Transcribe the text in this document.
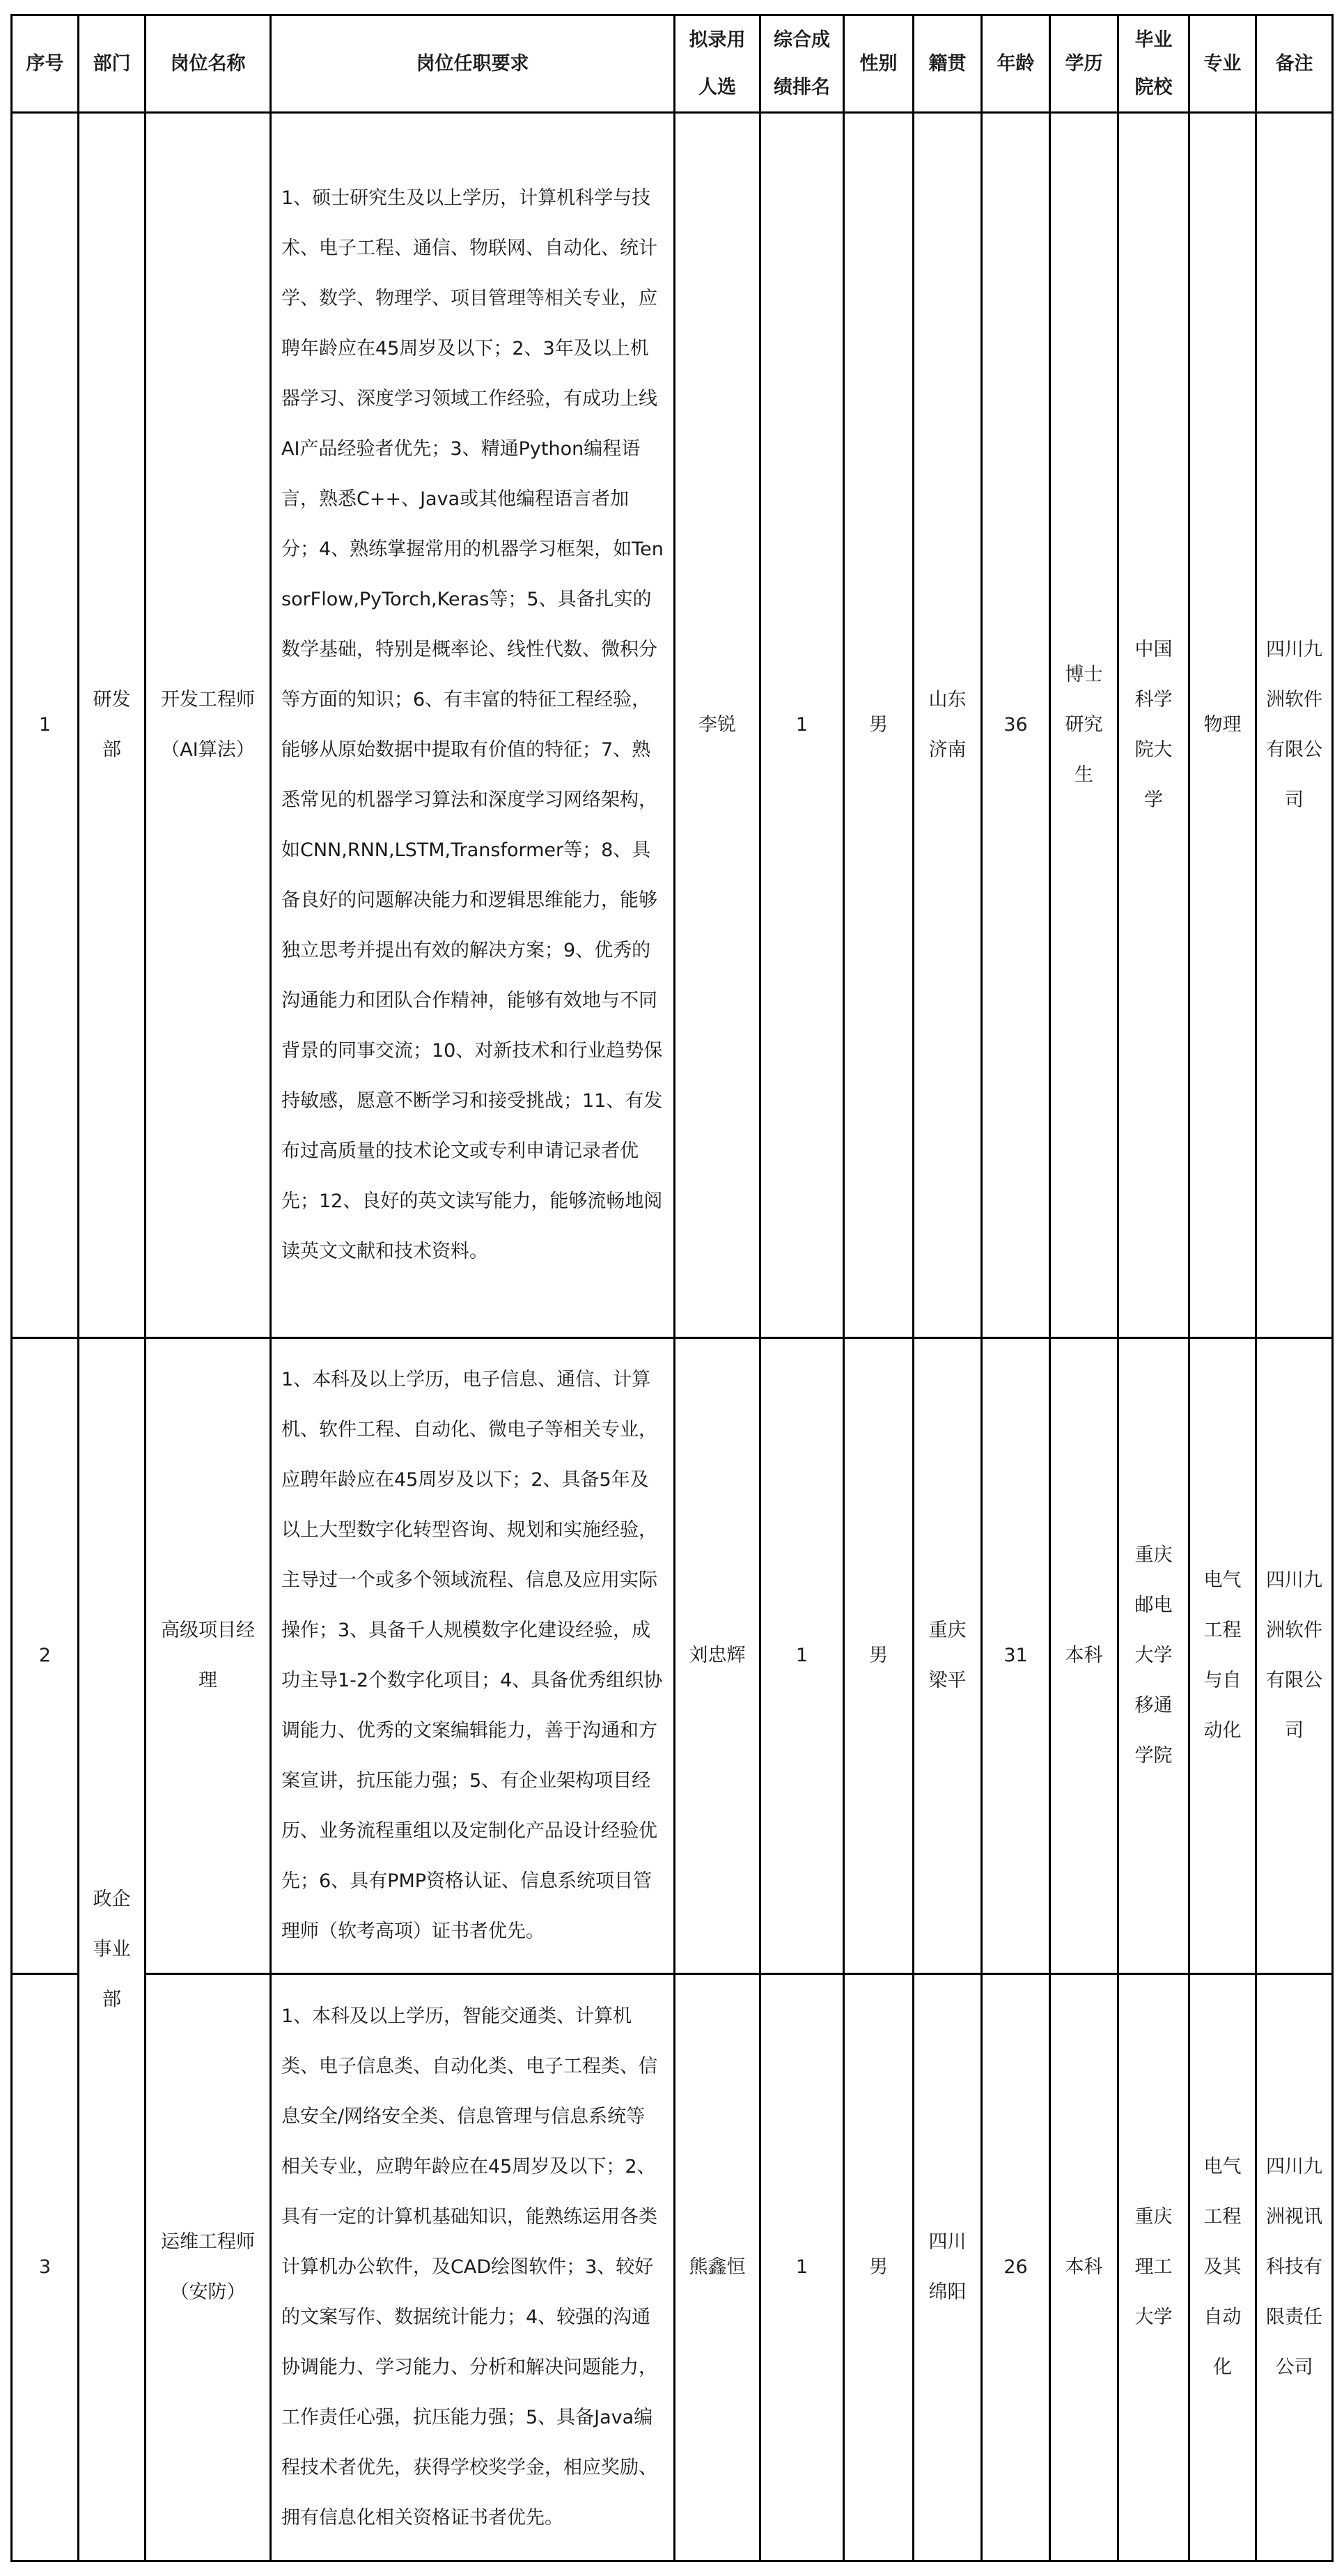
序号	部门	岗位名称	岗位任职要求	拟录用人选	综合成绩排名	性别	籍贯	年龄	学历	毕业院校	专业	备注
1	研发部	开发工程师（AI算法）	1、硕士研究生及以上学历，计算机科学与技术、电子工程、通信、物联网、自动化、统计学、数学、物理学、项目管理等相关专业，应聘年龄应在45周岁及以下；2、3年及以上机器学习、深度学习领域工作经验，有成功上线AI产品经验者优先；3、精通Python编程语言，熟悉C++、Java或其他编程语言者加分；4、熟练掌握常用的机器学习框架，如TensorFlow,PyTorch,Keras等；5、具备扎实的数学基础，特别是概率论、线性代数、微积分等方面的知识；6、有丰富的特征工程经验，能够从原始数据中提取有价值的特征；7、熟悉常见的机器学习算法和深度学习网络架构，如CNN,RNN,LSTM,Transformer等；8、具备良好的问题解决能力和逻辑思维能力，能够独立思考并提出有效的解决方案；9、优秀的沟通能力和团队合作精神，能够有效地与不同背景的同事交流；10、对新技术和行业趋势保持敏感，愿意不断学习和接受挑战；11、有发布过高质量的技术论文或专利申请记录者优先；12、良好的英文读写能力，能够流畅地阅读英文文献和技术资料。	李锐	1	男	山东济南	36	博士研究生	中国科学院大学	物理	四川九洲软件有限公司
2	政企事业部	高级项目经理	1、本科及以上学历，电子信息、通信、计算机、软件工程、自动化、微电子等相关专业，应聘年龄应在45周岁及以下；2、具备5年及以上大型数字化转型咨询、规划和实施经验，主导过一个或多个领域流程、信息及应用实际操作；3、具备千人规模数字化建设经验，成功主导1-2个数字化项目；4、具备优秀组织协调能力、优秀的文案编辑能力，善于沟通和方案宣讲，抗压能力强；5、有企业架构项目经历、业务流程重组以及定制化产品设计经验优先；6、具有PMP资格认证、信息系统项目管理师（软考高项）证书者优先。	刘忠辉	1	男	重庆梁平	31	本科	重庆邮电大学移通学院	电气工程与自动化	四川九洲软件有限公司
3		运维工程师（安防）	1、本科及以上学历，智能交通类、计算机类、电子信息类、自动化类、电子工程类、信息安全/网络安全类、信息管理与信息系统等相关专业，应聘年龄应在45周岁及以下；2、具有一定的计算机基础知识，能熟练运用各类计算机办公软件，及CAD绘图软件；3、较好的文案写作、数据统计能力；4、较强的沟通协调能力、学习能力、分析和解决问题能力，工作责任心强，抗压能力强；5、具备Java编程技术者优先，获得学校奖学金，相应奖励、拥有信息化相关资格证书者优先。	熊鑫恒	1	男	四川绵阳	26	本科	重庆理工大学	电气工程及其自动化	四川九洲视讯科技有限责任公司
